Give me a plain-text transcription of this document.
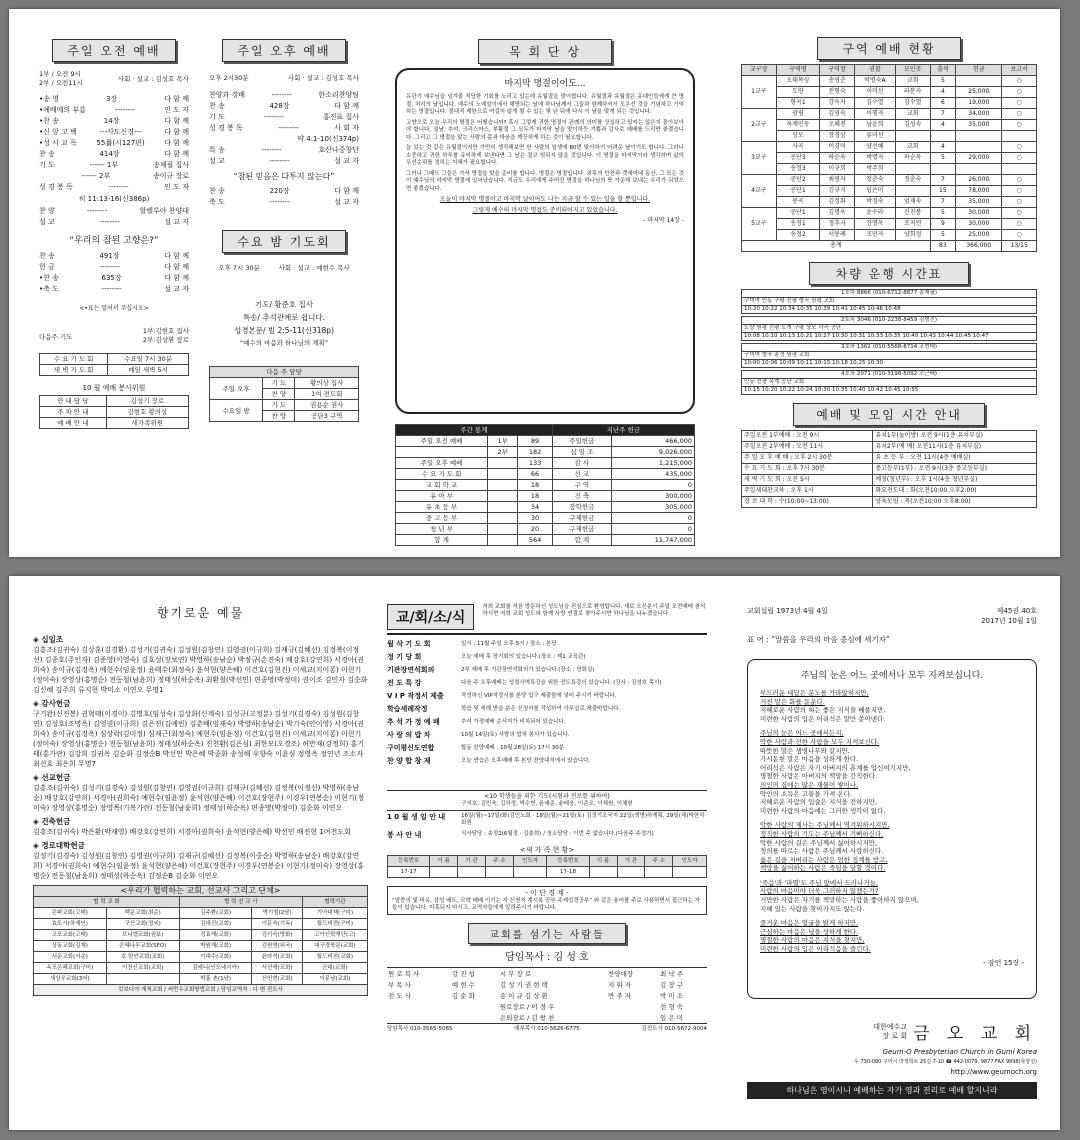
주일 오전 예배
1부 / 오전 9시
2부 / 오전11시
사회 · 설교 : 김성호 목사
•송 영	3장	다 함 께
•예배에의 부름	--------	인 도 자
•찬 송	14장	다 함 께
•신 앙 고 백	---사도신경---	다 함 께
•성 시 교 독	55番(시127편)	다 함 께
찬 송	414장	다 함 께
기 도	------ 1부	송재필 집사
------ 2부	송이규 장로
성 경 봉 독	--------	인 도 자
히 11:13-16(신386p)
찬 양	--------	할렐루야 찬양대
설 교	--------	설 교 자
“우리의 참된 고향은?”
찬 송	491장	다 함 께
헌 금	--------	다 함 께
•찬 송	635장	다 함 께
•축 도	--------	설 교 자
<•표는 일어서 주십시오>
다음주 기도
1부:김현호 집사
2부:김상환 장로
수 요 기 도 회	수요일 7시 30분
새 벽 기 도 회	매일 새벽 5시
10 월 예배 봉사위원
안 내 담 당	김성기 장로
주 차 안 내	김현호 황의상
예 배 안 내	새가족위원
주일 오후 예배
오후 2시30분	사회 · 설교 : 김성호 목사
찬양과 경배	--------	한소리찬양팀
찬 송	428장	다 함 께
기 도	--------	홍진표 집사
성 경 봉 독	--------	사 회 자
약 4:1-10(신374p)
특 송	--------	호산나중창단
설 교	--------	설 교 자
“참된 믿음은 다투지 않는다”
찬 송	220장	다 함 께
축 도	--------	설 교 자
수요 밤 기도회
오후 7시 30분	사회 · 설교 : 예현수 목사
기도/ 황준호 집사
특송/ 추석관계로 쉽니다.
성경본문/ 빌 2:5-11(신318p)
“예수의 마음과 하나님의 계획”
다음 주 담당		
주일 오후	기 도	황의상 집사
	찬 양	1여 전도회
수요일 밤	기 도	권용순 권사
	찬 양	공단3 구역
목 회 단 상
마지막 명절이어도...

유단기 예수님을 넘겨줄 적당한 기회를 노리고 있는데 유월절을 맞이합니다. 유월절과 유월절은 유대인들에게 큰 명절, 처리의 날입니다. 예수의 노예살이에서 해방되는 날에 하나님께서 그들과 함께하셔서 도우신 것을 기념하고 기억하는 명절입니다. 절대적 제한으로 여길지 않게 될 수 있는 몇 년 뒤에 다시 이 날을 맞게 되는 것입니다.

고향으로 오늘 우리의 명절은 어떻습니까? 혹시 그렇게 귀한 명절이 관례의 의미를 상실하고 있지는 않은지 돌아보아야 합니다. 설날, 추석, 크리스마스, 부활절 그 모두가 마지막 날을 맞이하듯 기쁨과 감사로 예배를 드리면 좋겠습니다. 그리고 그 명절을 맞는 사람의 몸과 마음을 깨끗하게 하는 것이 필요합니다.

늘 있는 것 같은 유월절이지만 가만히 생각해보면 한 사람의 일생에 80번 맞이하기 어려운 날이기도 합니다. 그러나 소중하고 귀한 하루를 유익하게 보낸다면 그 날은 결코 헛되지 않을 것입니다. 이 명절을 마지막이라 생각하며 삶의 우선순위를 정하는 지혜가 필요합니다.

그러나 그때도 그들은 가서 명절을 맞을 준비를 합니다. 명절은 명절입니다. 최후의 만찬과 겟세마네 동산, 그 모든 것이 예수님의 마지막 명절에 일어났습니다. 지금도 우리에게 주어진 명절을 하나님의 뜻 가운데 보내는 우리가 되었으면 좋겠습니다.

오늘이 마지막 명절이고 마지막 날이어도 나는 지금 할 수 있는 일을 할 뿐입니다.

그렇게 예수의 마지막 명절도 준비되어지고 있었습니다.

- 마지막 14장 -
주간 통계			지난주 헌금	
주일 오전 예배	1부	89	주일헌금	466,000
	2부	182	십 일 조	9,026,000
주일 오후 예배		133	감 사	1,215,000
수 요 기 도 회		66	선 교	435,000
교 회 학 교		18	구 역	0
유 아 부		18	건 축	300,000
유 초 등 부		34	장학헌금	305,000
중 고 등 부		30	구제헌금	0
청 년 부		20	구제헌금	0
합 계		564	합 계	11,747,000
구역 예배 현황
교구장	구역명	구역장	권찰	모인곳	출석	헌금	보고서
1교구	오태복상	송영춘	박명숙A	교회	5		○
	도량	전형숙	이미선	라분자	4	25,000	○
	형곡1	강옥자	김수열	김수열	6	19,000	○
2교구	광평	김영숙	이행자	교회	7	34,000	○
	옥계인동	오혜진	남윤희	김성숙	4	35,000	○
	상모	장경상	류미선				
3교구	사곡	이경미	양선혜	교회	4		○
	공단3	하순옥	박명자	하순옥	5	29,000	○
	송정3	이규희	박주희				
4교구	공단2	최영자	정춘숙	정춘숙	7	26,000	○
	공단1	김규식	임은미		15	78,000	○
	봉곡	김정화	박정숙	엄재숙	7	35,000	○
5교구	공단1	김명옥	윤수라	신진봉	5	30,000	○
	송정1	정추자	장명옥	조지연	9	30,000	○
	송정2	서봉례	조민자	양희정	5	25,000	○
총계					83	366,000	13/15
차량 운행 시간표
1호차 8866 (010-6712-8877 송재필)
구미역 인동 구평 신평 형곡 원평 교회
10:20 10:22 10:34 10:35 10:39 10:41 10:45 10:46 10:48
2호차 3046 (010-2238-8459 김형진)
도량 원평 신평 도개 구평 상모 사곡 공단
10:08 10:10 10:13 10:21 10:27 10:30 10:31 10:33 10:35 10:40 10:43 10:44 10:45 10:47
3호차 1362 (010-5568-8714 조현태)
구미역 형곡 송정 원평 교회
10:00 10:06 10:09 10:11 10:15 10:18 10:25 10:30
4호차 2071 (010-3198-5092 조근배)
인동 진평 옥계 공단 교회
10:15 10:20 10:22 10:24 10:30 10:35 10:40 10:42 10:45 10:55
예배 및 모임 시간 안내
주일오전 1부예배 : 오전 9시	유치1부(놀이방) 오전 9시(1층 유치부실)
주일오전 2부예배 : 오전 11시	유치2부(예 배) 오전11시(1층 유치부실)
주 일 오 후 예 배 : 오후 2시 30분	유 초 등 부 : 오전 11시(4층 예배실)
수 요 기 도 회 : 오후 7시 30분	중고등부(1부) : 오전 9시(3층 중고등부실)
새 벽 기 도 회 : 오전 5시	예청(청년부) : 오후 1시(4층 청년부실)
주일세대찬교육 : 오후 1시	화요전도대 : 화(오전10:00 오후2:00)
경 로 대 학 : 수(10:00~13:00)	양육모임 : 목(오전10:00 오후8:00)
향기로운 예물
◈ 십일조
김흥조(김귀숙) 김상훈(김경환) 김성기(김귀숙) 김성원(김창연) 김영권(이규희) 김재규(김혜선) 김정복(이정선) 김종호(주인자) 김준영(이영숙) 김호성(장보연) 박영하(송남순) 박정규(손진숙) 배강호(강연희) 서경아(권희숙) 송이규(김경옥) 예현수(임윤정) 윤태수(최정숙) 윤석현(양은혜) 이건호(김현진) 이세교(지이롱) 이현기(정미숙) 장영상(홍명순) 전동철(남윤희) 정태성(하순옥) 최환철(박선민) 편종명(박정미) 권이조 김민자 김순화 김신혜 김주희 류지현 박미소 이연오 무명1
◈ 감사헌금
구기완(신진봉) 권혁태(이경이) 김명호(임성숙) 김상화(신계숙) 김성규(고정분) 김성기(김경숙) 김성원(김창연) 김성호(조명옥) 김영권(이규희) 김은진(김예빈) 김춘배(엄재숙) 박영하(송남순) 박기숙(안이영) 서경아(권희숙) 송이규(김경옥) 심상락(김미정) 심재근(최정숙) 예현수(임윤정) 이건호(김현진) 이세교(지이롱) 이현기(정미숙) 장영상(홍명순) 전동철(남윤희) 정태성(하순옥) 진천환(김은심) 최한모(오경조) 허만재(강정희) 홍기태(홍가란) 김강희 김귀옥 김순화 김정순B 박선민 박은혜 박종화 송성해 우향숙 이윤심 정영옥 정연년 조소자 최선호 최은희 무명7
◈ 선교헌금
김흥조(김귀숙) 김성기(김경숙) 김성원(김창연) 김영권(이규희) 김재규(김혜선) 김정복(이정선) 박영하(송남순) 배강호(강연희) 서경아(권희숙) 예현수(임윤정) 윤석현(양은혜) 이건호(장현주) 이경우(연봉순) 이현기(정미숙) 장영상(홍명순) 장영목(기복가란) 전동철(남윤희) 정태성(하순옥) 편종명(박정미) 김순화 이연오
◈ 건축헌금
김흥조(김귀숙) 박은환(박재영) 배강호(강연희) 서경아(권희숙) 윤석현(양은혜) 박선민 배진현 1여전도회
◈ 경로대학헌금
김성기(김경숙) 김성원(김창연) 김영권(이규희) 김재규(김혜선) 김정복(이중순) 박영하(송남순) 배강호(강연희) 서경아(권희숙) 예현수(임윤정) 윤석현(양은혜) 이건호(장현주) 이경우(연봉순) 이현기(정미숙) 장영상(홍명순) 전동철(남윤희) 정태성(하순옥) 김정순B 김순화 이연오
<우리가 협력하는 교회, 선교사 그리고 단체>				
협 력 교 회		협 력 선 교 사		협력기관
은파교회(고태)	백운교회(최순)	김주환(교회)	박기철(2남)	기아대책(구미)
효도사(하재인)	구산교회(정씨)	김대진(교회)	이문숙(기독)	월드비전(구미)
고포교회(고태)	브니엘교회(권보)	정효재(교회)	김이숙(명화)	고아신학재단(고)
상동교회(김재)	은혜나무교회(SFO)	박원재(교회)	김원영(외국)	대구경북문(교회)
서운교회(서운)	호 한인교회(교회)	이대수(교회)	윤라석(교회)	월드비전(교회)
옥포은혜교회(구미)	이천신교회(교회)	김예니(인도네시아)	서선애(교회)	군대(교회)
새상우교회(3어)		박홍 촌(1남)	신인현(교회)	이문남(교회)
킷보디아 개척교회 / 써먼우교회방법교회 / 담임교역자 : 다 변 전도사				
교/회/소/식
저희 교회를 처음 방문하신 성도님을 진심으로 환영합니다. 새로 오신분이 주일 오전예배 참석하시면 저희 교회 성도와 함께 사랑 연결로 찾아주시면 하나님을 나누겠습니다.
월 삭 기 도 회	일시 : 11월 주일 오후 5시 / 장소 : 본당
정 기 당 회	오늘 예배 후 장기회의 있습니다.(장소 : 제1 교육관)
기관장연석회의	2부 예배 후 기관장연석회의가 있습니다.(장소 : 당회실)
전 도 특 강	다음 주 오후예배는 성령사역특강을 위한 전도특강이 있습니다. (강사 : 김성호 목사)
V I P 작정서 제출	작성하신 VIP작정서를 본당 입구 제출함에 넣어 주시기 바랍니다.
학습세례작정	학습 및 세례 받을 분은 신청서를 작성하여 사무실로 제출바랍니다.
추 석 가 정 예 배	추석 가정예배 순서지가 비치되어 있습니다.
사 랑 의 밥 차	10월 14일(토) 사랑의 밥차 봉사가 있습니다.
구미평신도연합	합동 찬양예배 : 10월 28일(토) 17시 30분
찬 양 합 창 제	오늘 연습은 오후예배 후 본당 찬양대석에서 있습니다.
<10 학생들을 위한 기도(시험과 진로를 위하여)
구지호, 김민욱, 김하정, 박수빈, 윤예준, 윤태웅, 이준오, 이채원, 이채헌
1 0 월 생 일 안 내	16일(월)~17일(화)김인노회 · 18일(월)~21일(토) 김정기조국지 22일(생명)하계획, 29일(채)박헌석회원
봉 사 안 내	식사담당 : 송정2(6월정 · 김춘희) / 청소담당 : 이번 주 없습니다.(다음주 주정기)
<새 가 족 현 황>
등록번호	이 름	기 관	주 소	인도자	등록번호	이 름	기 관	주 소	인도자
17-17					17-18				
- 이 단 경 계 -
“말씀의 빛 비유, 삼성 배도, 모략 배배 이기는 자 신천지 계시록 공부 주제성경공부” 와 같은 용어를 주로 사용하면서 접근하는 자들이 있습니다. 미혹되지 마시고, 교역자들에게 알려주시기 바랍니다.
교회를 섬기는 사람들
담임목사 : 김 성 호
원 로 목 사	강 진 섭	시 무 장 로	찬양대장	최 낙 주
부 목 사	예 현 수	김 성 기 권 현 택	지 휘 자	김 장 구
전 도 사	김 순 화	송 이 규 김 상 환	반 주 자	박 미 소
		원로장로 / 이 경 우		전 형 숙
		은퇴장로 / 김 쌍 천		임 은 미
담임목사 010-3565-5085	예부목사 010-5626-6775	김전도사 010-5672-9004
교회설립 1973년 4월 4일	제45권 40호
2017년 10월 1일
표 어 : “말씀을 우리의 마음 중심에 세기자”
주님의 눈은 어느 곳에서나 모두 지켜보십니다.
부드러운 대답은 분노를 가라앉히지만,
거친 말은 화를 돋운다.
지혜로운 사람의 혀는 좋은 지식을 베풀지만,
미련한 사람의 입은 어리석은 말만 쏟아낸다.
주님의 눈은 어느 곳에서든지,
악한 사람과 선한 사람을 모두 지켜보신다.
따뜻한 말은 생명나무와 같지만,
가시돋힌 말은 마음을 상하게 한다.
어리석은 사람은 자기 아버지의 훈계를 업신여기지만,
명철한 사람은 아버지의 책망을 간직한다.
의인의 집에는 많은 재물이 쌓이나,
악인의 소득은 고통을 가져 온다.
지혜로운 사람의 입술은 지식을 전하지만,
미련한 사람의 마음에는 그러한 생각이 없다.
악한 사람의 제사는 주님께서 역겨워하시지만,
정직한 사람의 기도는 주님께서 기뻐하신다.
악한 사람의 길은 주님께서 싫어하시지만,
정의를 따르는 사람은 주님께서 사랑하신다.
옳은 길을 저버리는 사람은 엄한 징계를 받고,
책망을 싫어하는 사람은 죽임을 당할 것이다.
'죽음'과 '파멸'도 주님 앞에서 드러나거늘,
사람의 마음이야 더욱 그러하지 않겠는가?
거만한 사람은 자기를 책망하는 사람을 좋아하지 않으며,
지혜 있는 사람을 찾아가지도 않는다.
즐거운 마음은 얼굴을 밝게 하지만,
근심하는 마음은 넋을 상하게 한다.
명철한 사람의 마음은 지식을 찾지만,
미련한 사람의 입은 어리석음을 즐긴다.
- 잠언 15장 -
대한예수교 장 로 회 금 오 교 회
Geum-O Presbyterian Church in Gumi Korea
우 730-080 구미시 박정희로 25길 7-10 ☎ 442-0079, 9877 FAX 9898(목양실)
http://www.geumoch.org
하나님은 영이시니 예배하는 자가 영과 진리로 예배 할지니라
